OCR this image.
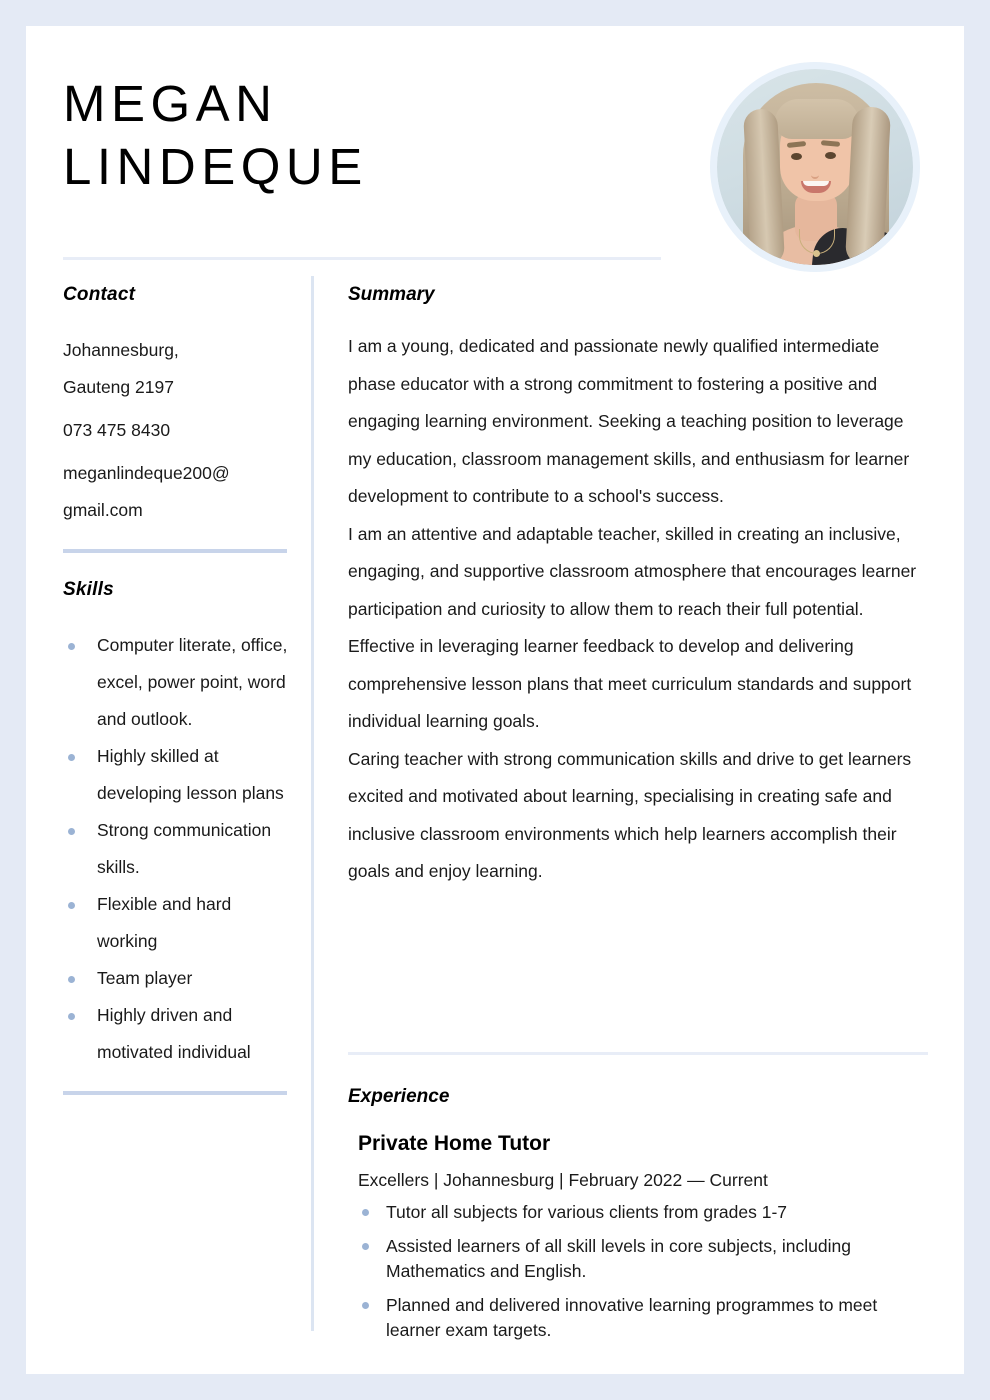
MEGAN
LINDEQUE
Contact
Johannesburg,
Gauteng 2197
073 475 8430
meganlindeque200@
gmail.com
Skills
Computer literate, office, excel, power point, word and outlook.
Highly skilled at developing lesson plans
Strong communication skills.
Flexible and hard working
Team player
Highly driven and motivated individual
Summary

I am a young, dedicated and passionate newly qualified intermediate phase educator with a strong commitment to fostering a positive and engaging learning environment. Seeking a teaching position to leverage my education, classroom management skills, and enthusiasm for learner development to contribute to a school's success.

I am an attentive and adaptable teacher, skilled in creating an inclusive, engaging, and supportive classroom atmosphere that encourages learner participation and curiosity to allow them to reach their full potential.

Effective in leveraging learner feedback to develop and delivering comprehensive lesson plans that meet curriculum standards and support individual learning goals.

Caring teacher with strong communication skills and drive to get learners excited and motivated about learning, specialising in creating safe and inclusive classroom environments which help learners accomplish their goals and enjoy learning.

Experience
Private Home Tutor
Excellers | Johannesburg | February 2022 — Current
Tutor all subjects for various clients from grades 1-7
Assisted learners of all skill levels in core subjects, including Mathematics and English.
Planned and delivered innovative learning programmes to meet learner exam targets.
